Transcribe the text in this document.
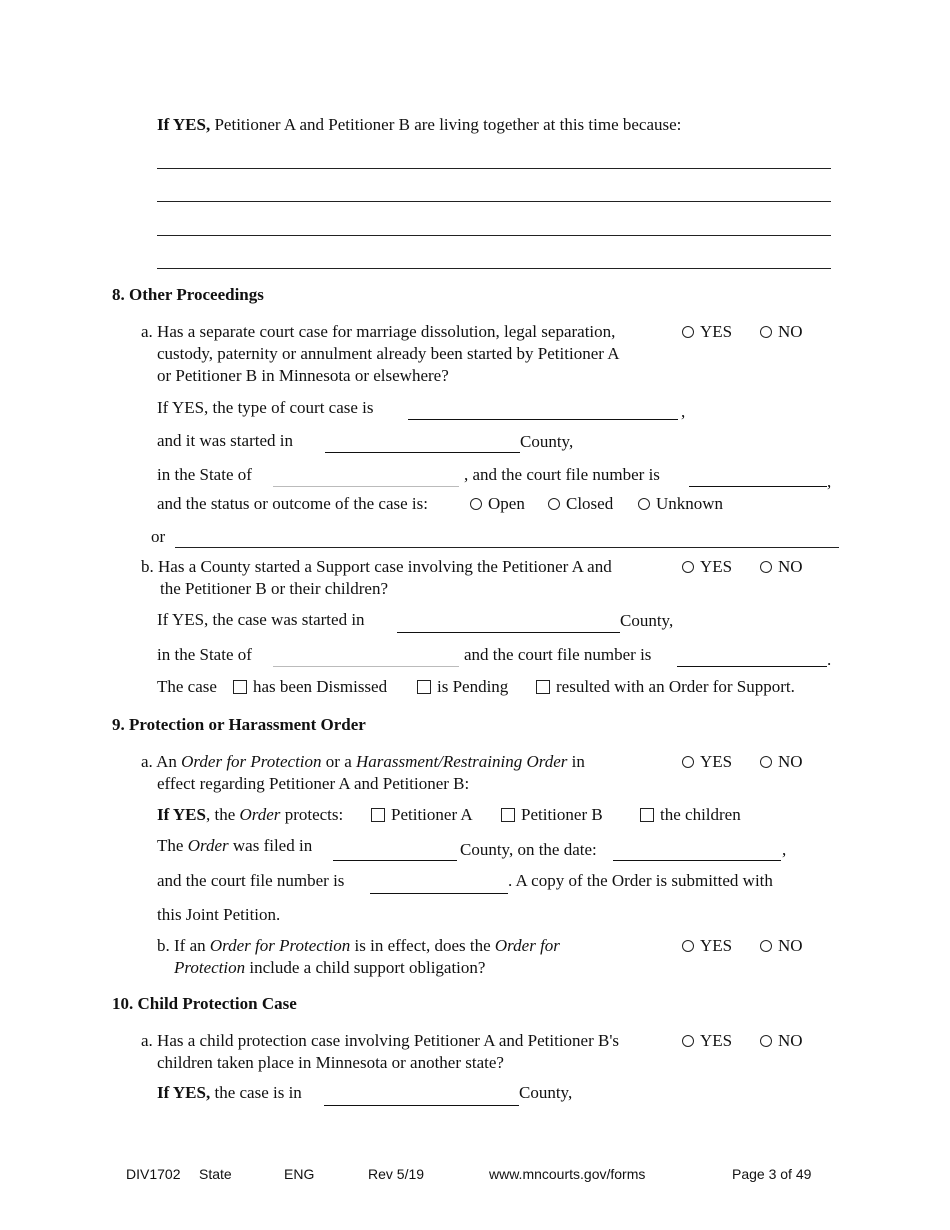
If YES, Petitioner A and Petitioner B are living together at this time because:
8. Other Proceedings
a. Has a separate court case for marriage dissolution, legal separation,
custody, paternity or annulment already been started by Petitioner A
or Petitioner B in Minnesota or elsewhere?
YES	NO
If YES, the type of court case is	,
and it was started in	County,
in the State of	, and the court file number is	,
and the status or outcome of the case is:	Open	Closed	Unknown
or
b. Has a County started a Support case involving the Petitioner A and
the Petitioner B or their children?
YES	NO
If YES, the case was started in	County,
in the State of	and the court file number is	.
The case	has been Dismissed	is Pending	resulted with an Order for Support.
9. Protection or Harassment Order
a. An Order for Protection or a Harassment/Restraining Order in
effect regarding Petitioner A and Petitioner B:
YES	NO
If YES, the Order protects:	Petitioner A	Petitioner B	the children
The Order was filed in	County, on the date:	,
and the court file number is	. A copy of the Order is submitted with
this Joint Petition.
b. If an Order for Protection is in effect, does the Order for
Protection include a child support obligation?
YES	NO
10. Child Protection Case
a. Has a child protection case involving Petitioner A and Petitioner B's
children taken place in Minnesota or another state?
YES	NO
If YES, the case is in	County,
DIV1702 State	ENG	Rev 5/19	www.mncourts.gov/forms	Page 3 of 49
